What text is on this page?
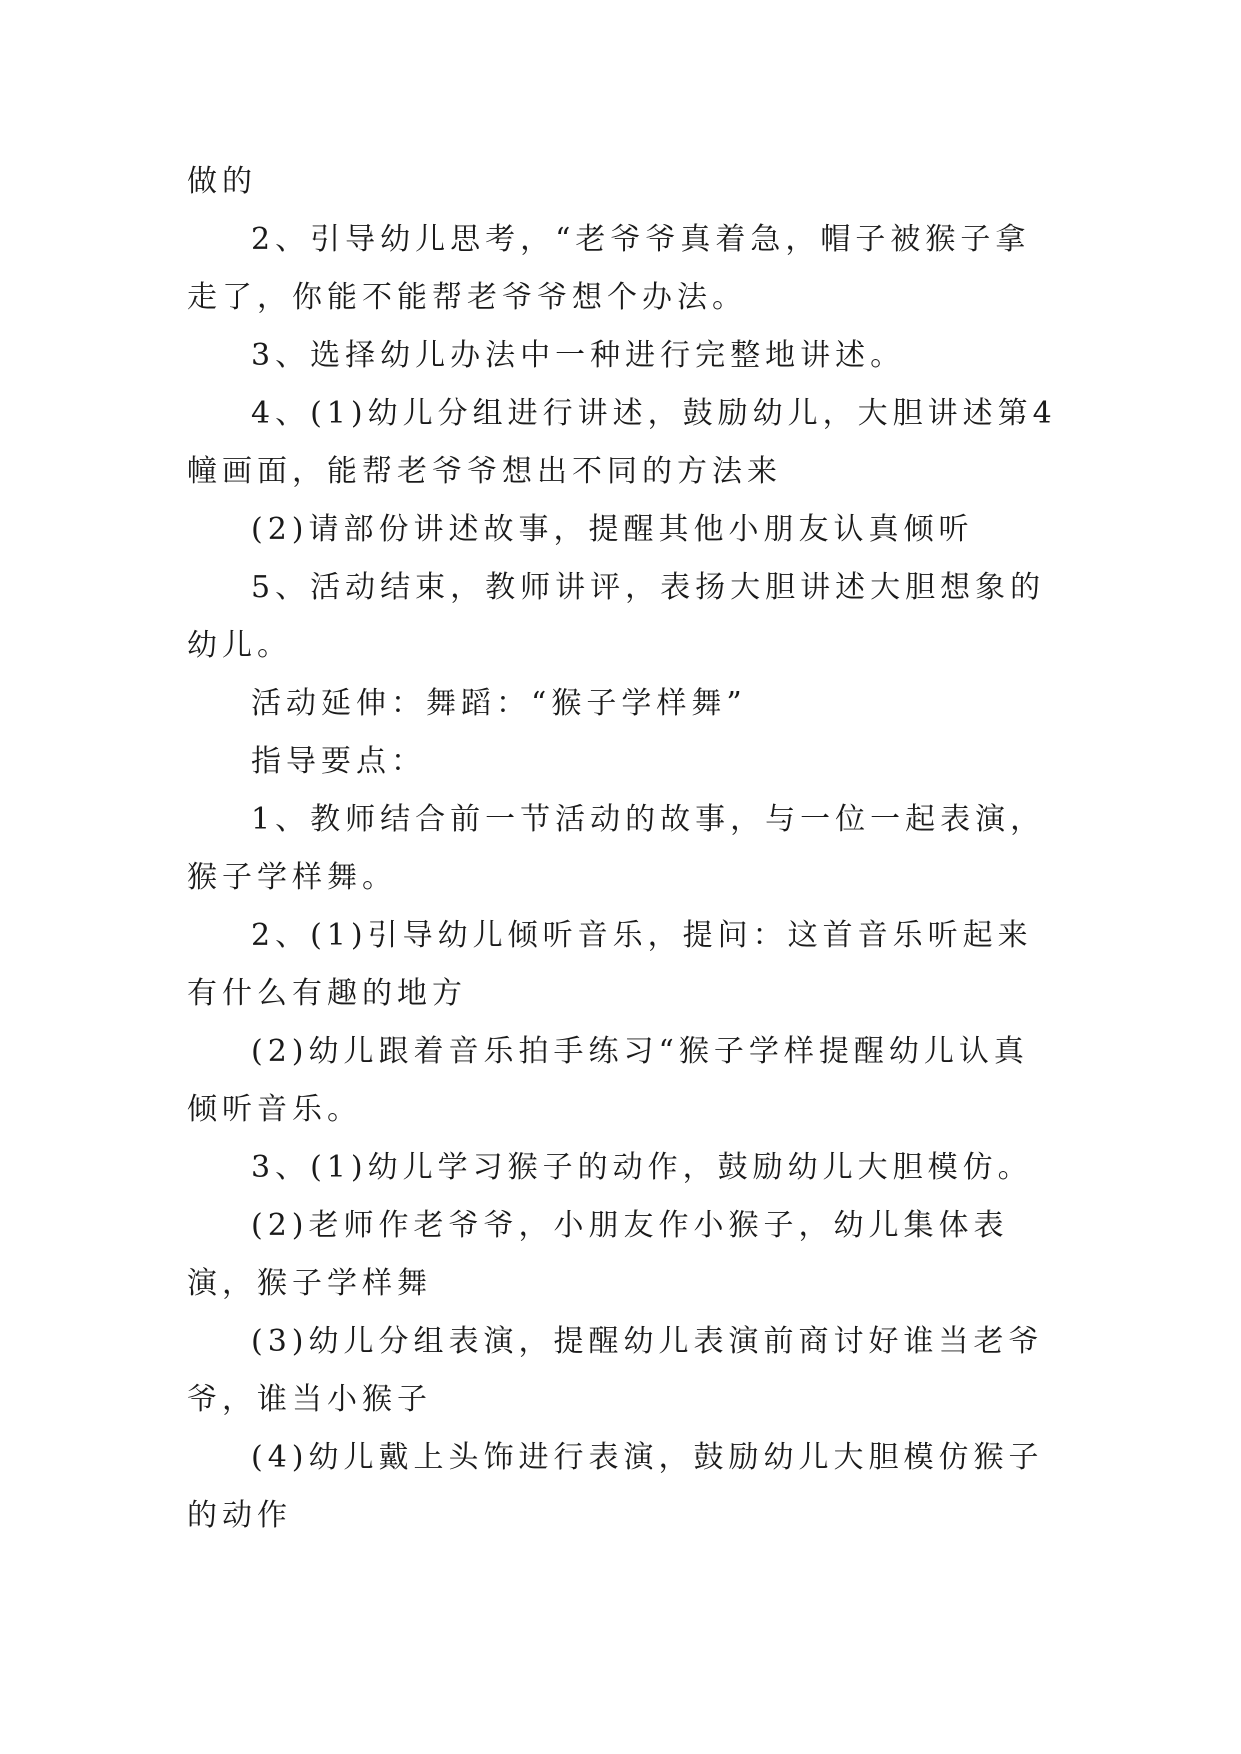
做的

2、引导幼儿思考，“老爷爷真着急，帽子被猴子拿走了，你能不能帮老爷爷想个办法。

3、选择幼儿办法中一种进行完整地讲述。

4、(1)幼儿分组进行讲述，鼓励幼儿，大胆讲述第4幢画面，能帮老爷爷想出不同的方法来

(2)请部份讲述故事，提醒其他小朋友认真倾听

5、活动结束，教师讲评，表扬大胆讲述大胆想象的幼儿。

活动延伸：舞蹈：“猴子学样舞”

指导要点：

1、教师结合前一节活动的故事，与一位一起表演，猴子学样舞。

2、(1)引导幼儿倾听音乐，提问：这首音乐听起来有什么有趣的地方

(2)幼儿跟着音乐拍手练习“猴子学样提醒幼儿认真倾听音乐。

3、(1)幼儿学习猴子的动作，鼓励幼儿大胆模仿。

(2)老师作老爷爷，小朋友作小猴子，幼儿集体表演，猴子学样舞

(3)幼儿分组表演，提醒幼儿表演前商讨好谁当老爷爷，谁当小猴子

(4)幼儿戴上头饰进行表演，鼓励幼儿大胆模仿猴子的动作
